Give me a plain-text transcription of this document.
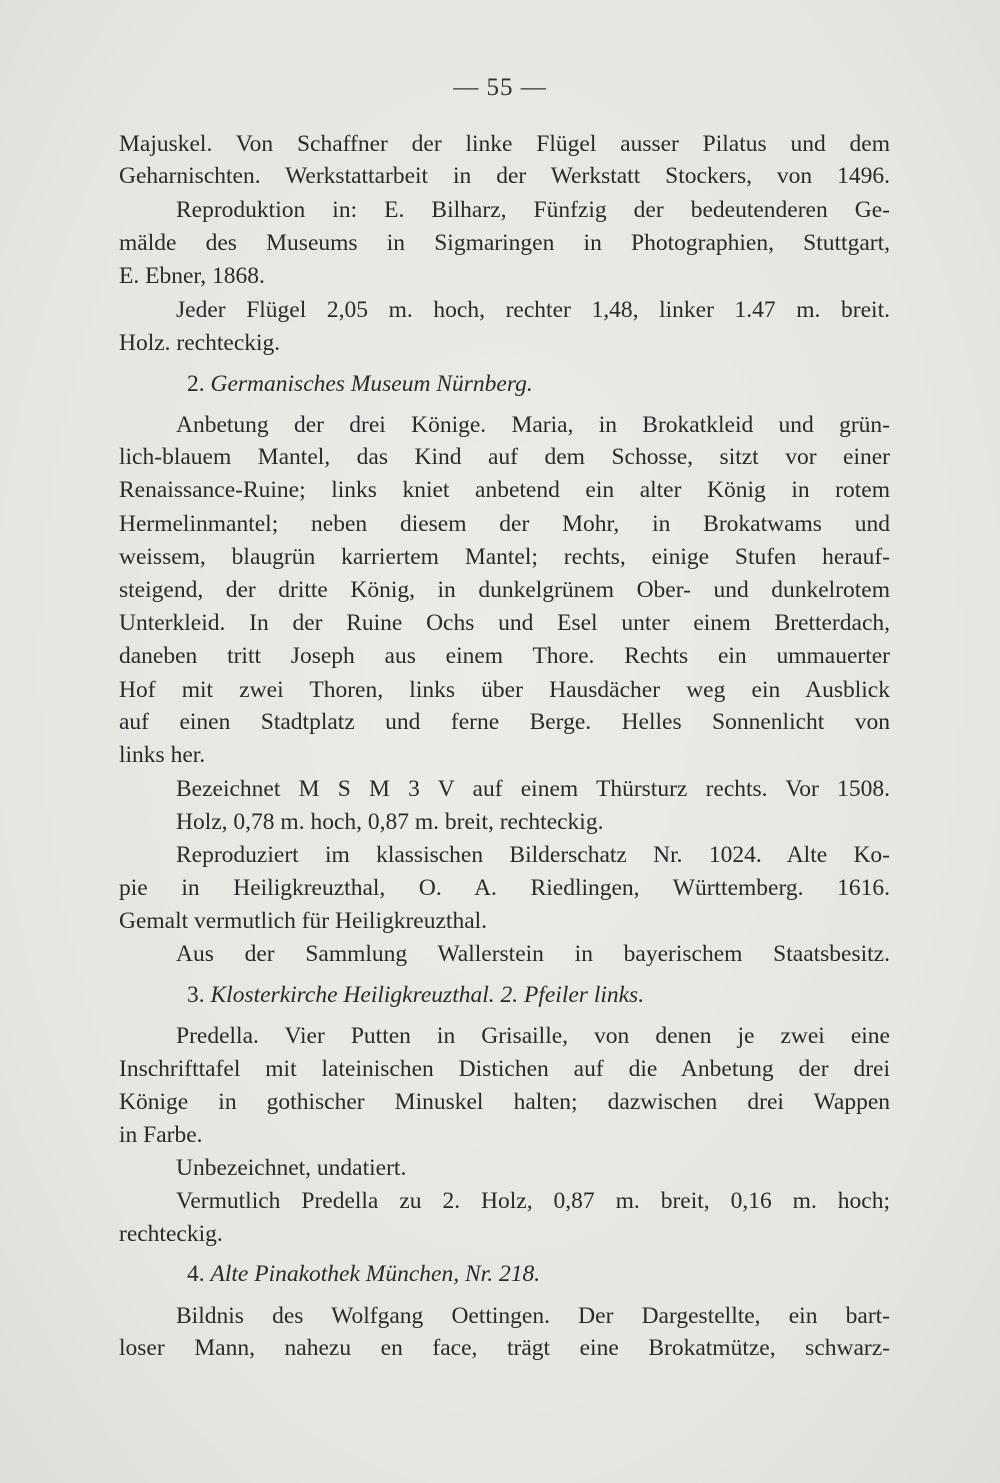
— 55 —
Majuskel. Von Schaffner der linke Flügel ausser Pilatus und dem
Geharnischten. Werkstattarbeit in der Werkstatt Stockers, von 1496.
Reproduktion in: E. Bilharz, Fünfzig der bedeutenderen Ge-
mälde des Museums in Sigmaringen in Photographien, Stuttgart,
E. Ebner, 1868.
Jeder Flügel 2,05 m. hoch, rechter 1,48, linker 1.47 m. breit.
Holz. rechteckig.
2. Germanisches Museum Nürnberg.
Anbetung der drei Könige. Maria, in Brokatkleid und grün-
lich-blauem Mantel, das Kind auf dem Schosse, sitzt vor einer
Renaissance-Ruine; links kniet anbetend ein alter König in rotem
Hermelinmantel; neben diesem der Mohr, in Brokatwams und
weissem, blaugrün karriertem Mantel; rechts, einige Stufen herauf-
steigend, der dritte König, in dunkelgrünem Ober- und dunkelrotem
Unterkleid. In der Ruine Ochs und Esel unter einem Bretterdach,
daneben tritt Joseph aus einem Thore. Rechts ein ummauerter
Hof mit zwei Thoren, links über Hausdächer weg ein Ausblick
auf einen Stadtplatz und ferne Berge. Helles Sonnenlicht von
links her.
Bezeichnet M S M 3 V auf einem Thürsturz rechts. Vor 1508.
Holz, 0,78 m. hoch, 0,87 m. breit, rechteckig.
Reproduziert im klassischen Bilderschatz Nr. 1024. Alte Ko-
pie in Heiligkreuzthal, O. A. Riedlingen, Württemberg. 1616.
Gemalt vermutlich für Heiligkreuzthal.
Aus der Sammlung Wallerstein in bayerischem Staatsbesitz.
3. Klosterkirche Heiligkreuzthal. 2. Pfeiler links.
Predella. Vier Putten in Grisaille, von denen je zwei eine
Inschrifttafel mit lateinischen Distichen auf die Anbetung der drei
Könige in gothischer Minuskel halten; dazwischen drei Wappen
in Farbe.
Unbezeichnet, undatiert.
Vermutlich Predella zu 2. Holz, 0,87 m. breit, 0,16 m. hoch;
rechteckig.
4. Alte Pinakothek München, Nr. 218.
Bildnis des Wolfgang Oettingen. Der Dargestellte, ein bart-
loser Mann, nahezu en face, trägt eine Brokatmütze, schwarz-
